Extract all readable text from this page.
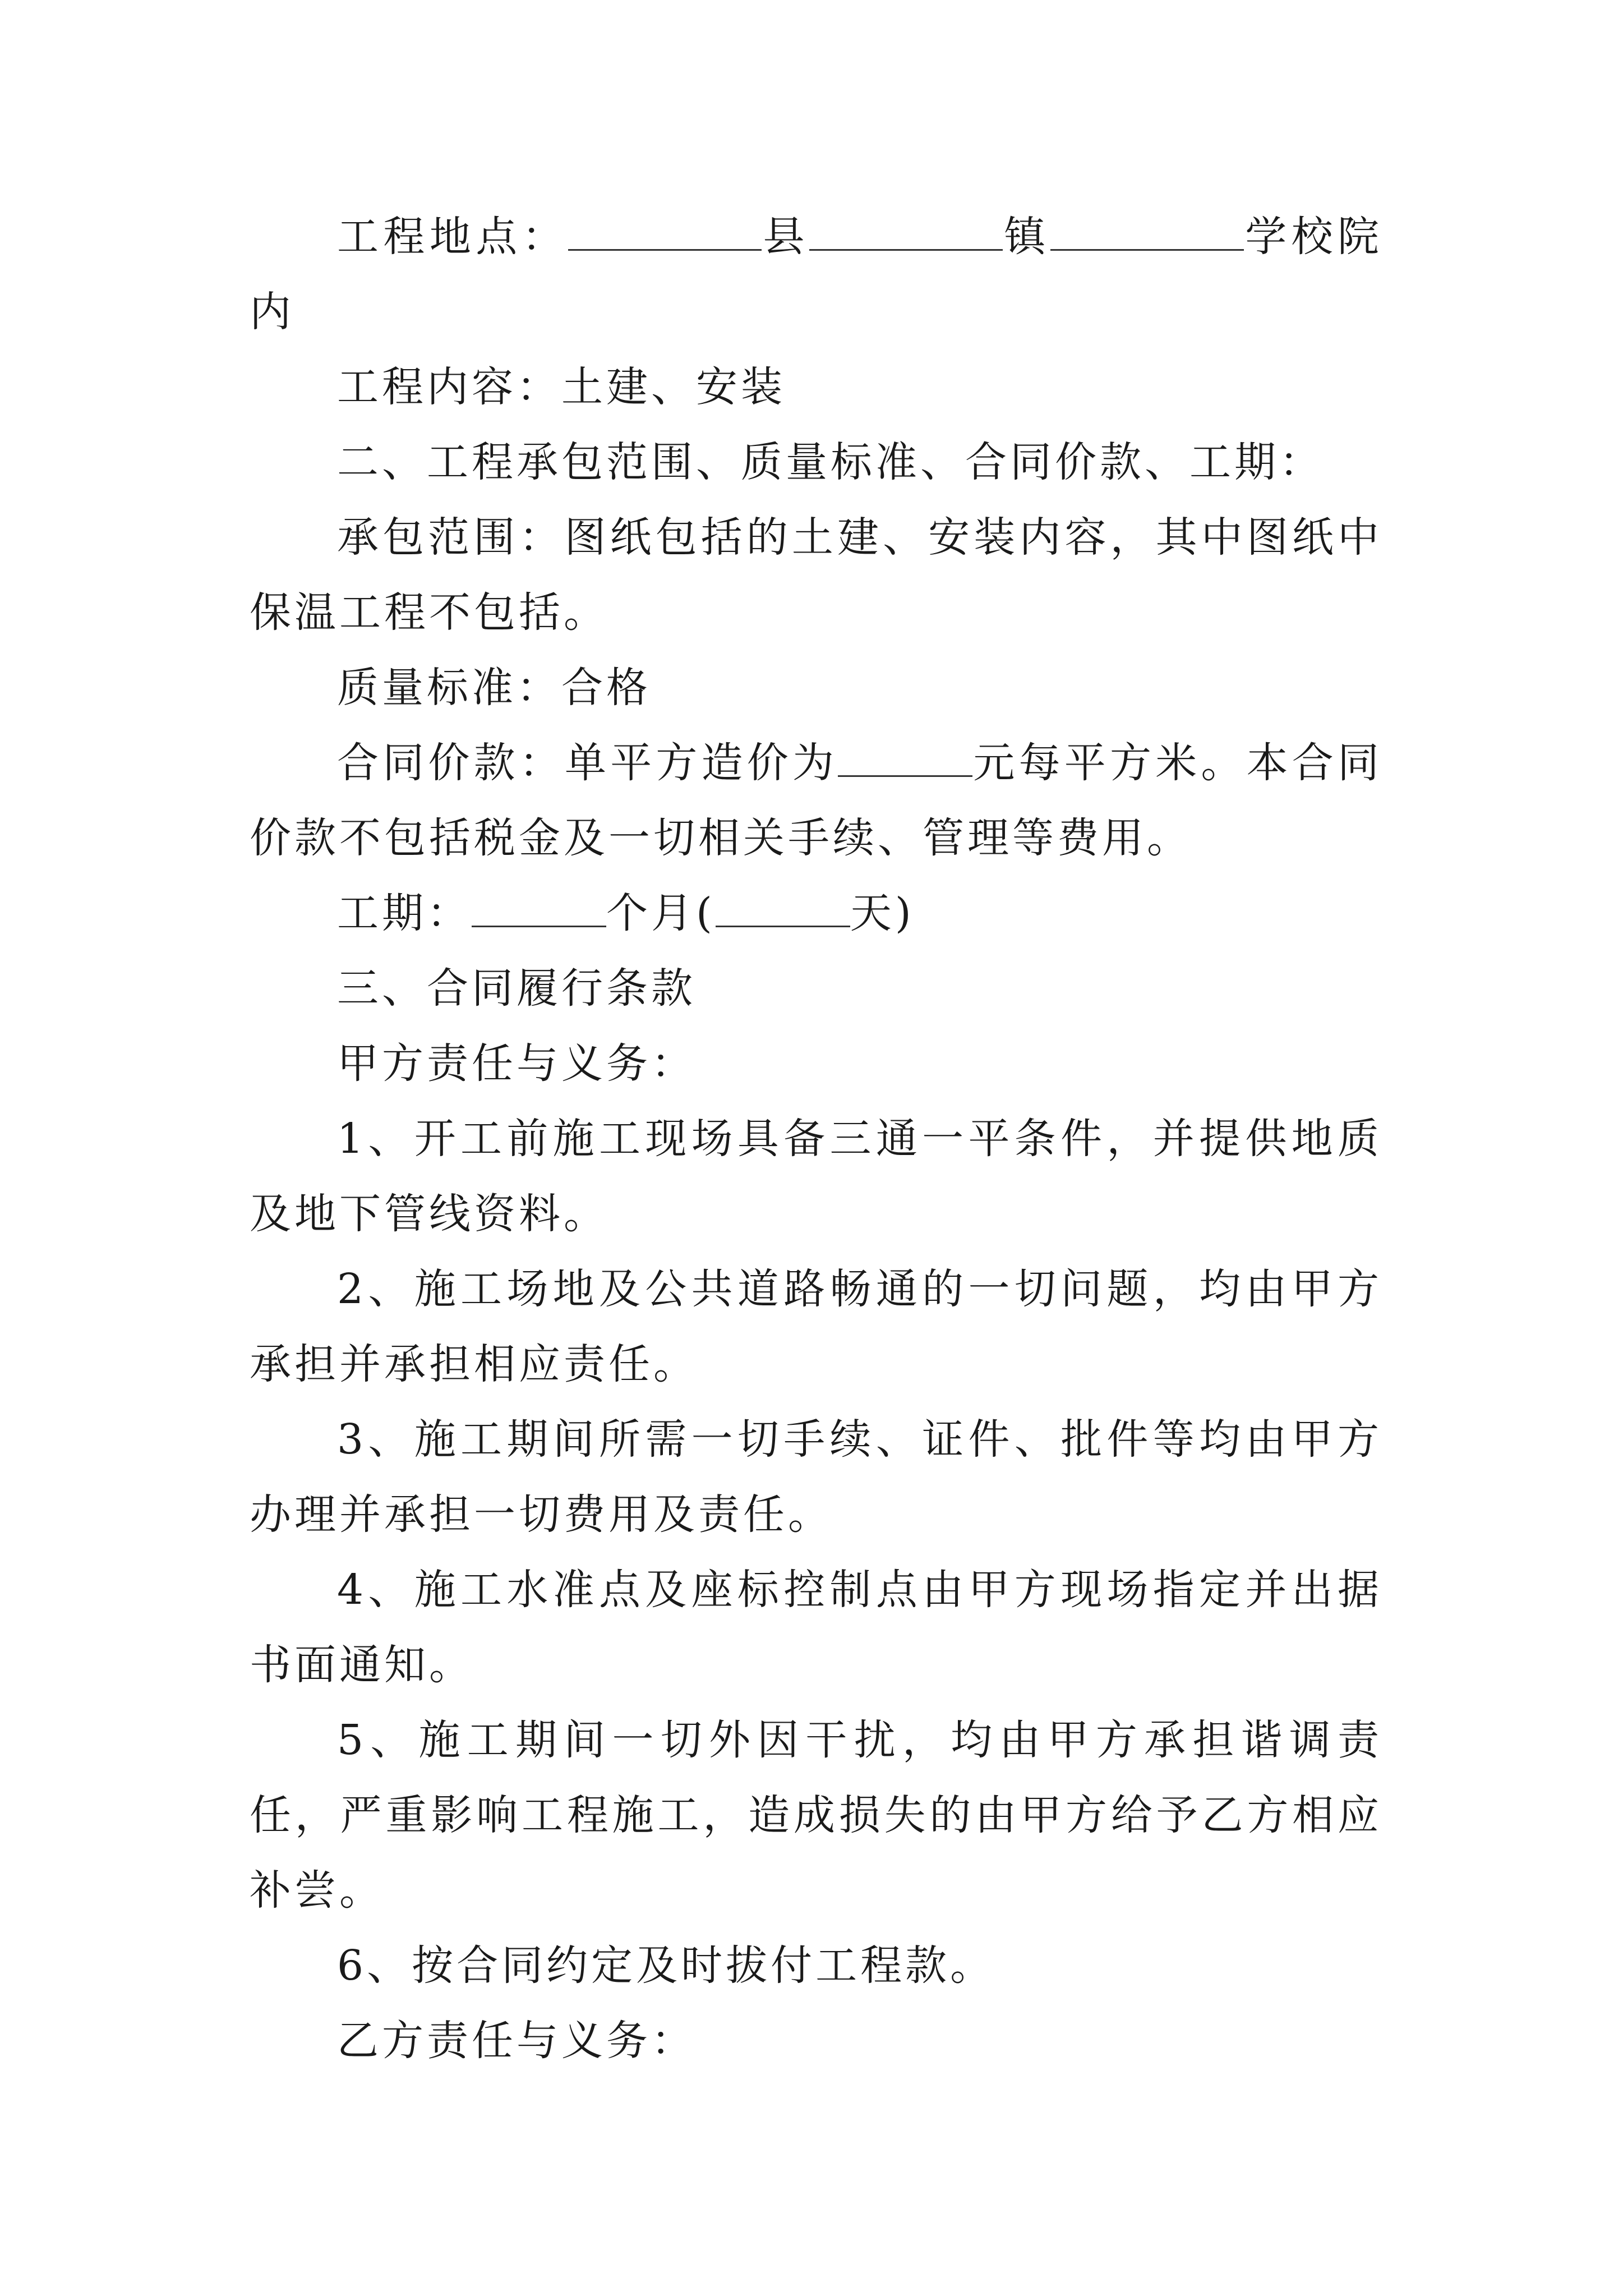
工程地点：	县	镇	学校院内

工程内容：土建、安装

二、工程承包范围、质量标准、合同价款、工期：

承包范围：图纸包括的土建、安装内容，其中图纸中保温工程不包括。

质量标准：合格

合同价款：单平方造价为	元每平方米。本合同价款不包括税金及一切相关手续、管理等费用。

工期：	个月(	天)

三、合同履行条款

甲方责任与义务：

1、开工前施工现场具备三通一平条件，并提供地质及地下管线资料。

2、施工场地及公共道路畅通的一切问题，均由甲方承担并承担相应责任。

3、施工期间所需一切手续、证件、批件等均由甲方办理并承担一切费用及责任。

4、施工水准点及座标控制点由甲方现场指定并出据书面通知。

5、施工期间一切外因干扰，均由甲方承担谐调责任，严重影响工程施工，造成损失的由甲方给予乙方相应补尝。

6、按合同约定及时拔付工程款。

乙方责任与义务：
